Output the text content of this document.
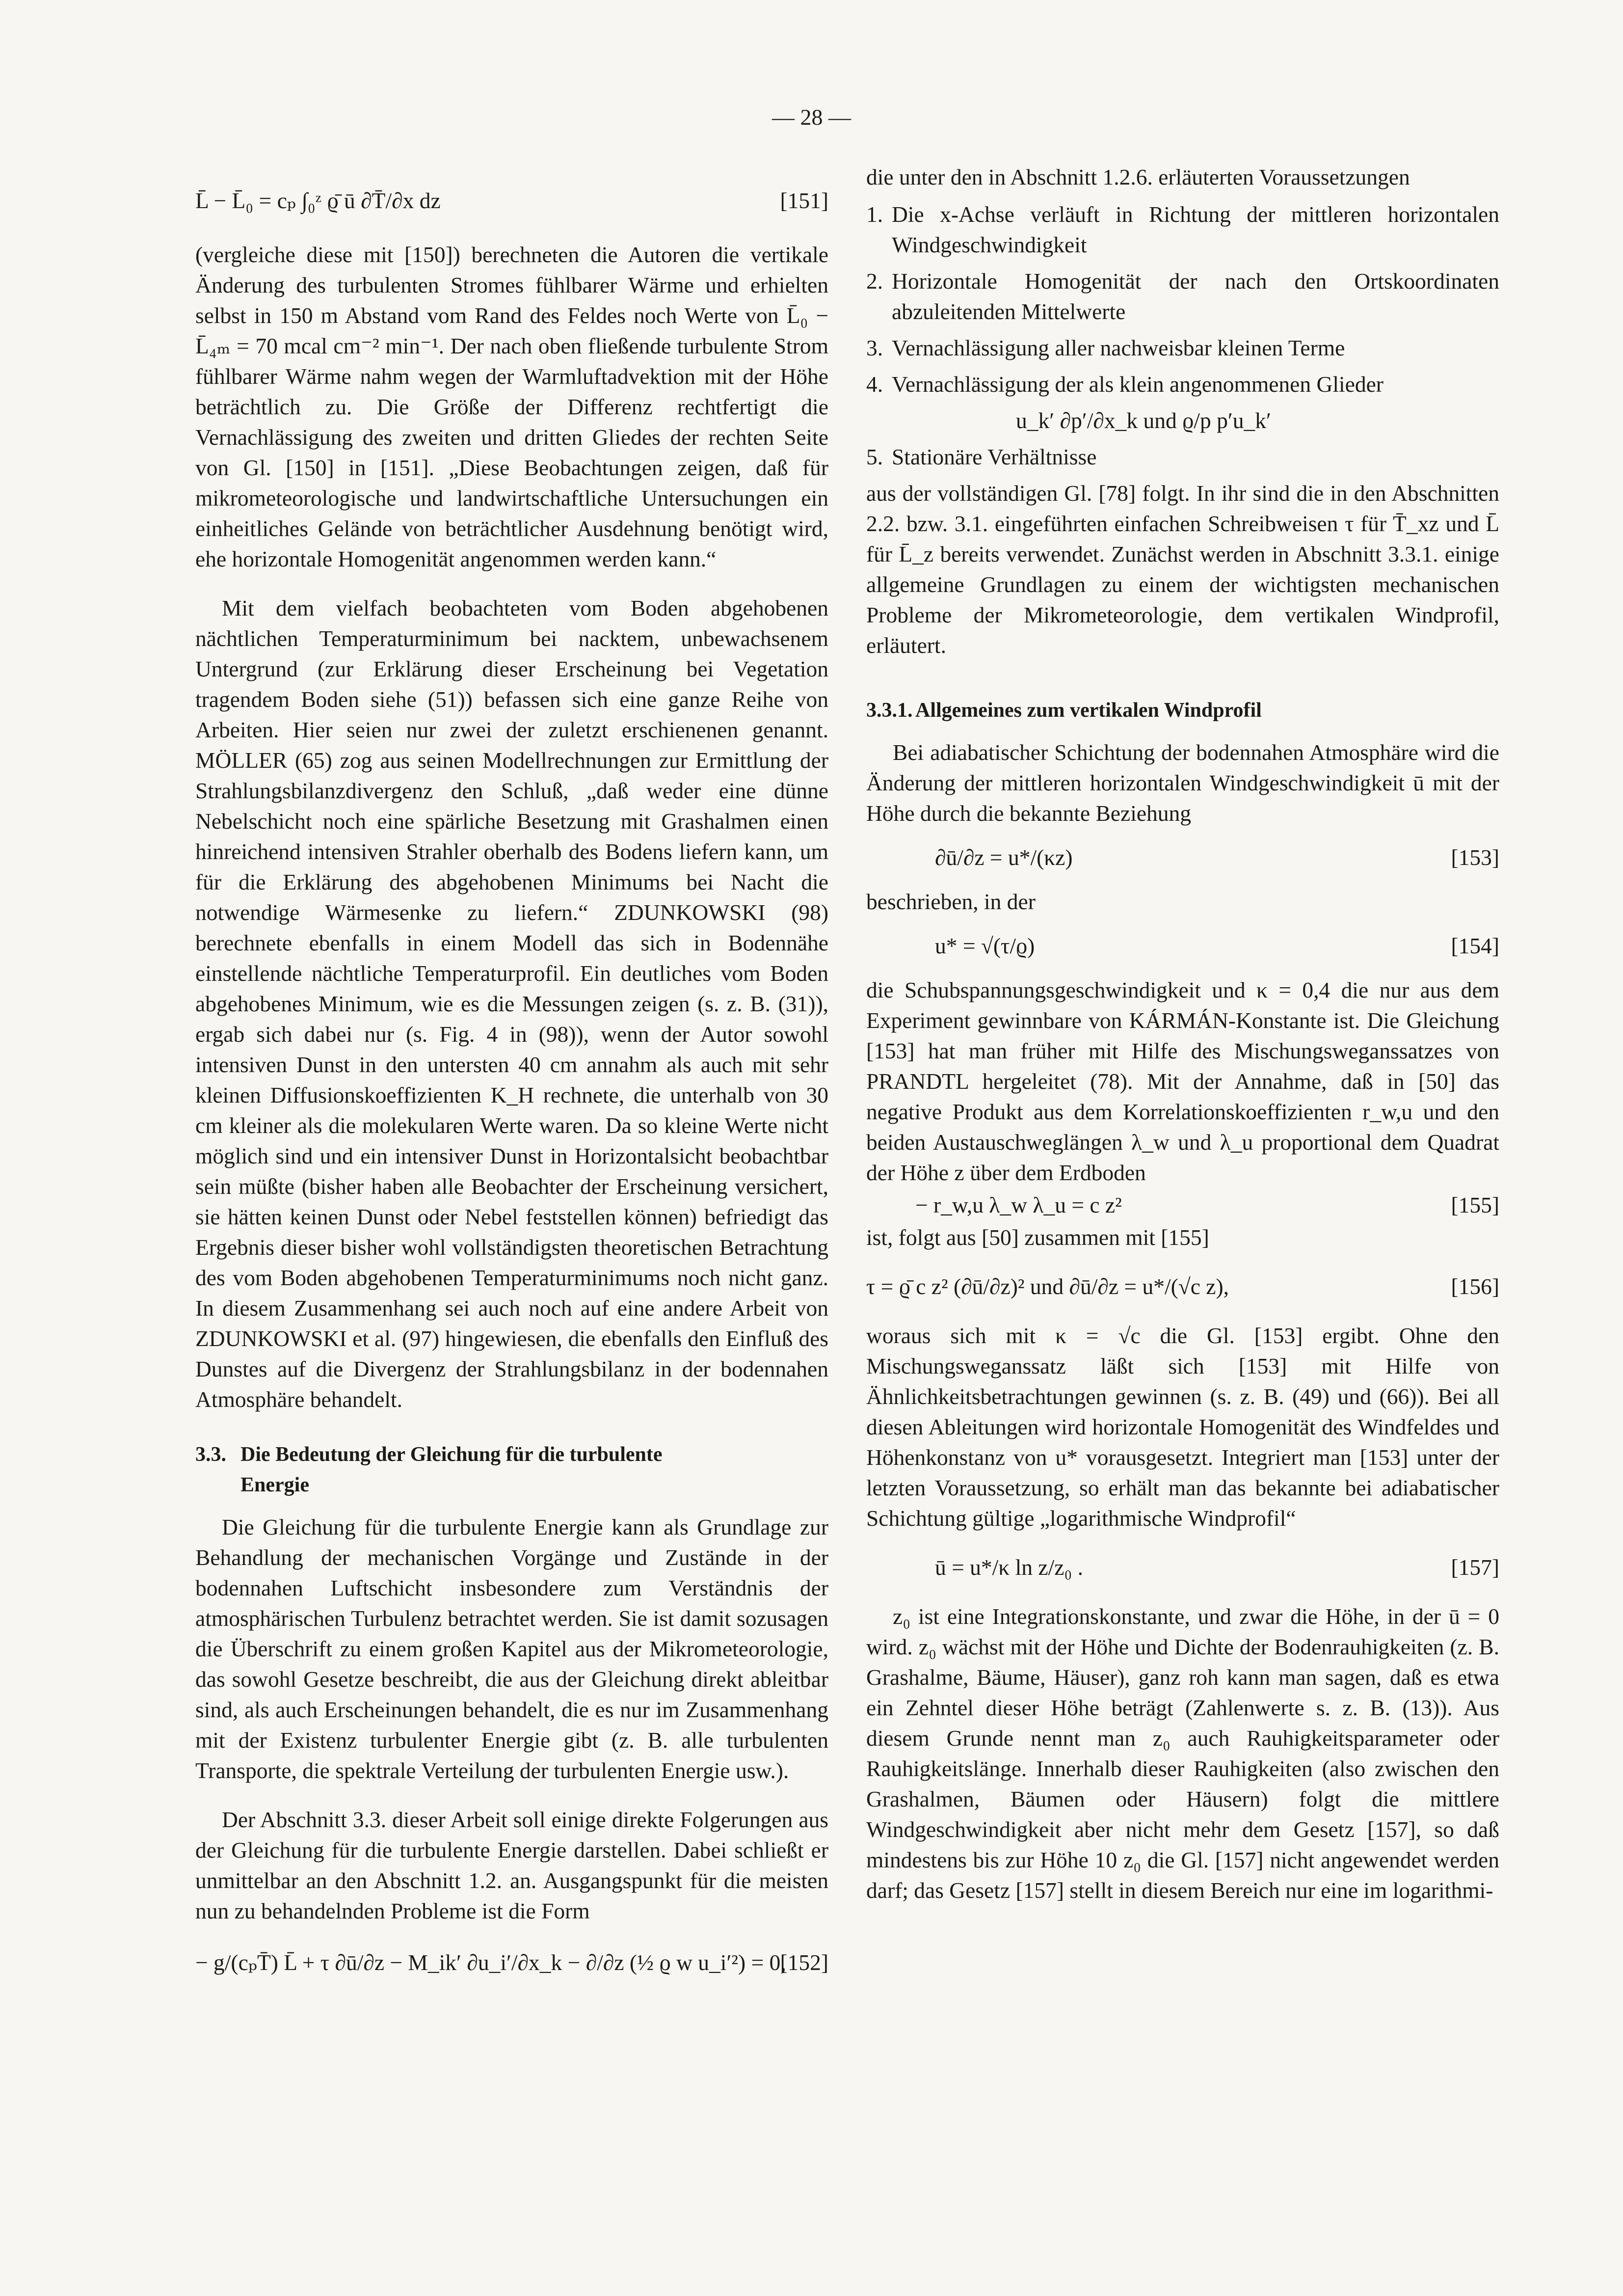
— 28 —
L̄ − L̄₀ = cₚ ∫₀ᶻ ϱ̄ ū ∂T̄/∂x dz	[151]

(vergleiche diese mit [150]) berechneten die Autoren die vertikale Änderung des turbulenten Stromes fühlbarer Wärme und erhielten selbst in 150 m Abstand vom Rand des Feldes noch Werte von L̄₀ − L̄₄ₘ = 70 mcal cm⁻² min⁻¹. Der nach oben fließende turbulente Strom fühlbarer Wärme nahm wegen der Warmluftadvektion mit der Höhe beträchtlich zu. Die Größe der Differenz rechtfertigt die Vernachlässigung des zweiten und dritten Gliedes der rechten Seite von Gl. [150] in [151]. „Diese Beobachtungen zeigen, daß für mikrometeorologische und landwirtschaftliche Untersuchungen ein einheitliches Gelände von beträchtlicher Ausdehnung benötigt wird, ehe horizontale Homogenität angenommen werden kann.“

Mit dem vielfach beobachteten vom Boden abgehobenen nächtlichen Temperaturminimum bei nacktem, unbewachsenem Untergrund (zur Erklärung dieser Erscheinung bei Vegetation tragendem Boden siehe (51)) befassen sich eine ganze Reihe von Arbeiten. Hier seien nur zwei der zuletzt erschienenen genannt. MÖLLER (65) zog aus seinen Modellrechnungen zur Ermittlung der Strahlungsbilanzdivergenz den Schluß, „daß weder eine dünne Nebelschicht noch eine spärliche Besetzung mit Grashalmen einen hinreichend intensiven Strahler oberhalb des Bodens liefern kann, um für die Erklärung des abgehobenen Minimums bei Nacht die notwendige Wärmesenke zu liefern.“ ZDUNKOWSKI (98) berechnete ebenfalls in einem Modell das sich in Bodennähe einstellende nächtliche Temperaturprofil. Ein deutliches vom Boden abgehobenes Minimum, wie es die Messungen zeigen (s. z. B. (31)), ergab sich dabei nur (s. Fig. 4 in (98)), wenn der Autor sowohl intensiven Dunst in den untersten 40 cm annahm als auch mit sehr kleinen Diffusionskoeffizienten K_H rechnete, die unterhalb von 30 cm kleiner als die molekularen Werte waren. Da so kleine Werte nicht möglich sind und ein intensiver Dunst in Horizontalsicht beobachtbar sein müßte (bisher haben alle Beobachter der Erscheinung versichert, sie hätten keinen Dunst oder Nebel feststellen können) befriedigt das Ergebnis dieser bisher wohl vollständigsten theoretischen Betrachtung des vom Boden abgehobenen Temperaturminimums noch nicht ganz. In diesem Zusammenhang sei auch noch auf eine andere Arbeit von ZDUNKOWSKI et al. (97) hingewiesen, die ebenfalls den Einfluß des Dunstes auf die Divergenz der Strahlungsbilanz in der bodennahen Atmosphäre behandelt.

3.3. Die Bedeutung der Gleichung für die turbulente
Energie

Die Gleichung für die turbulente Energie kann als Grundlage zur Behandlung der mechanischen Vorgänge und Zustände in der bodennahen Luftschicht insbesondere zum Verständnis der atmosphärischen Turbulenz betrachtet werden. Sie ist damit sozusagen die Überschrift zu einem großen Kapitel aus der Mikrometeorologie, das sowohl Gesetze beschreibt, die aus der Gleichung direkt ableitbar sind, als auch Erscheinungen behandelt, die es nur im Zusammenhang mit der Existenz turbulenter Energie gibt (z. B. alle turbulenten Transporte, die spektrale Verteilung der turbulenten Energie usw.).

Der Abschnitt 3.3. dieser Arbeit soll einige direkte Folgerungen aus der Gleichung für die turbulente Energie darstellen. Dabei schließt er unmittelbar an den Abschnitt 1.2. an. Ausgangspunkt für die meisten nun zu behandelnden Probleme ist die Form

− g/(cₚT̄) L̄ + τ ∂ū/∂z − M_ik′ ∂u_i′/∂x_k − ∂/∂z (½ ϱ w u_i′²) = 0,
[152]

die unter den in Abschnitt 1.2.6. erläuterten Voraussetzungen

1. Die x-Achse verläuft in Richtung der mittleren horizontalen Windgeschwindigkeit
2. Horizontale Homogenität der nach den Ortskoordinaten abzuleitenden Mittelwerte
3. Vernachlässigung aller nachweisbar kleinen Terme
4. Vernachlässigung der als klein angenommenen Glieder
u_k′ ∂p′/∂x_k und ϱ/p p′u_k′
5. Stationäre Verhältnisse

aus der vollständigen Gl. [78] folgt. In ihr sind die in den Abschnitten 2.2. bzw. 3.1. eingeführten einfachen Schreibweisen τ für T̄_xz und L̄ für L̄_z bereits verwendet. Zunächst werden in Abschnitt 3.3.1. einige allgemeine Grundlagen zu einem der wichtigsten mechanischen Probleme der Mikrometeorologie, dem vertikalen Windprofil, erläutert.

3.3.1. Allgemeines zum vertikalen Windprofil

Bei adiabatischer Schichtung der bodennahen Atmosphäre wird die Änderung der mittleren horizontalen Windgeschwindigkeit ū mit der Höhe durch die bekannte Beziehung

∂ū/∂z = u*/(κz)	[153]

beschrieben, in der

u* = √(τ/ϱ)	[154]

die Schubspannungsgeschwindigkeit und κ = 0,4 die nur aus dem Experiment gewinnbare von KÁRMÁN-Konstante ist. Die Gleichung [153] hat man früher mit Hilfe des Mischungsweganssatzes von PRANDTL hergeleitet (78). Mit der Annahme, daß in [50] das negative Produkt aus dem Korrelationskoeffizienten r_w,u und den beiden Austauschweglängen λ_w und λ_u proportional dem Quadrat der Höhe z über dem Erdboden

− r_w,u λ_w λ_u = c z²	[155]

ist, folgt aus [50] zusammen mit [155]

τ = ϱ̄ c z² (∂ū/∂z)² und ∂ū/∂z = u*/(√c z),	[156]

woraus sich mit κ = √c die Gl. [153] ergibt. Ohne den Mischungsweganssatz läßt sich [153] mit Hilfe von Ähnlichkeitsbetrachtungen gewinnen (s. z. B. (49) und (66)). Bei all diesen Ableitungen wird horizontale Homogenität des Windfeldes und Höhenkonstanz von u* vorausgesetzt. Integriert man [153] unter der letzten Voraussetzung, so erhält man das bekannte bei adiabatischer Schichtung gültige „logarithmische Windprofil“

ū = u*/κ ln z/z₀ .	[157]

z₀ ist eine Integrationskonstante, und zwar die Höhe, in der ū = 0 wird. z₀ wächst mit der Höhe und Dichte der Bodenrauhigkeiten (z. B. Grashalme, Bäume, Häuser), ganz roh kann man sagen, daß es etwa ein Zehntel dieser Höhe beträgt (Zahlenwerte s. z. B. (13)). Aus diesem Grunde nennt man z₀ auch Rauhigkeitsparameter oder Rauhigkeitslänge. Innerhalb dieser Rauhigkeiten (also zwischen den Grashalmen, Bäumen oder Häusern) folgt die mittlere Windgeschwindigkeit aber nicht mehr dem Gesetz [157], so daß mindestens bis zur Höhe 10 z₀ die Gl. [157] nicht angewendet werden darf; das Gesetz [157] stellt in diesem Bereich nur eine im logarithmi-
